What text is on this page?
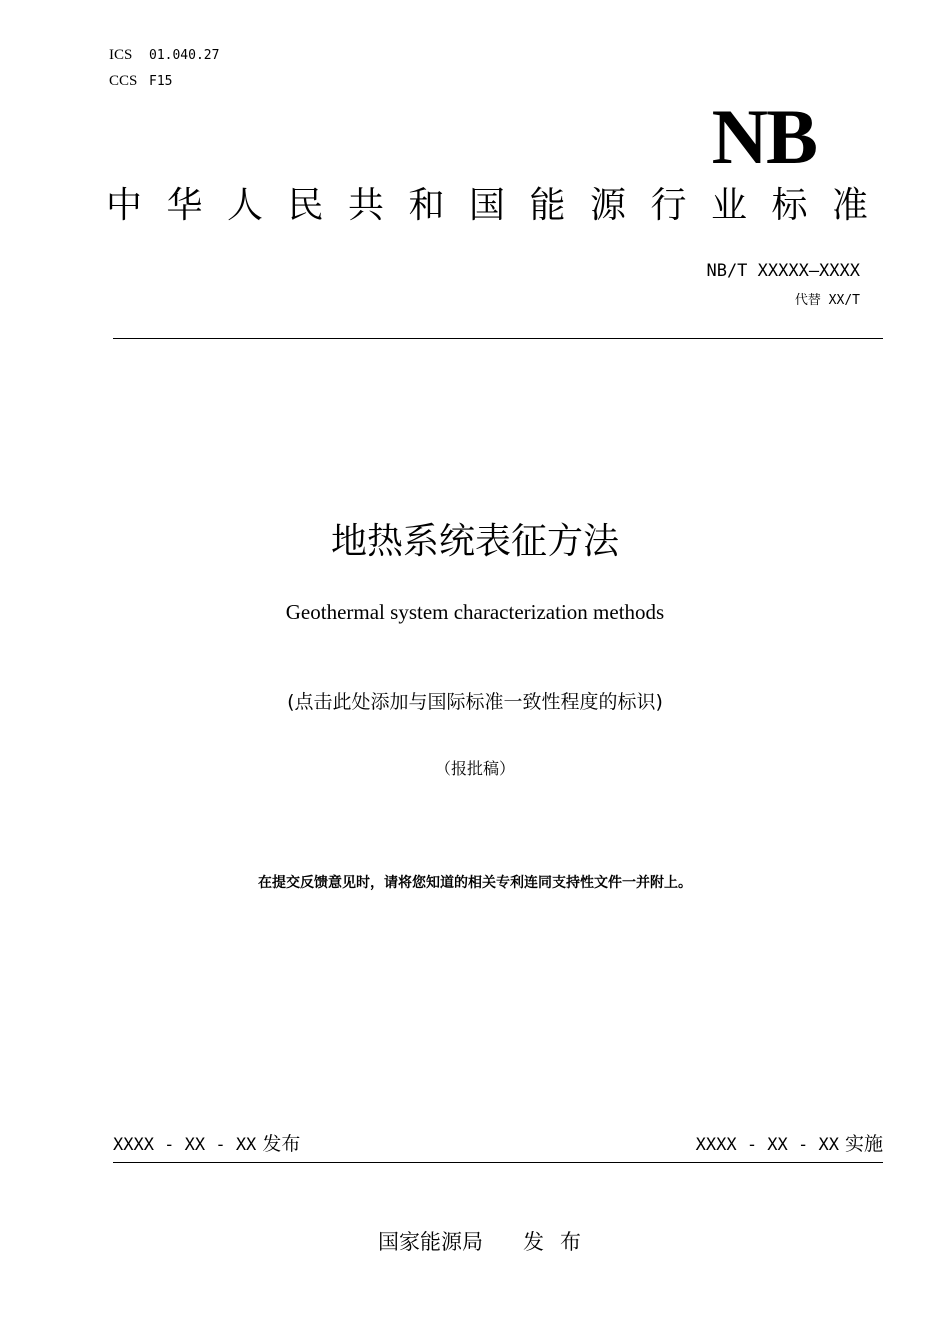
ICS 01.040.27
CCS F15
NB
中华人民共和国能源行业标准
NB/T XXXXX—XXXX
代替 XX/T
地热系统表征方法
Geothermal system characterization methods
(点击此处添加与国际标准一致性程度的标识)
（报批稿）
在提交反馈意见时，请将您知道的相关专利连同支持性文件一并附上。
XXXX - XX - XX 发布	XXXX - XX - XX 实施
国家能源局 发布
